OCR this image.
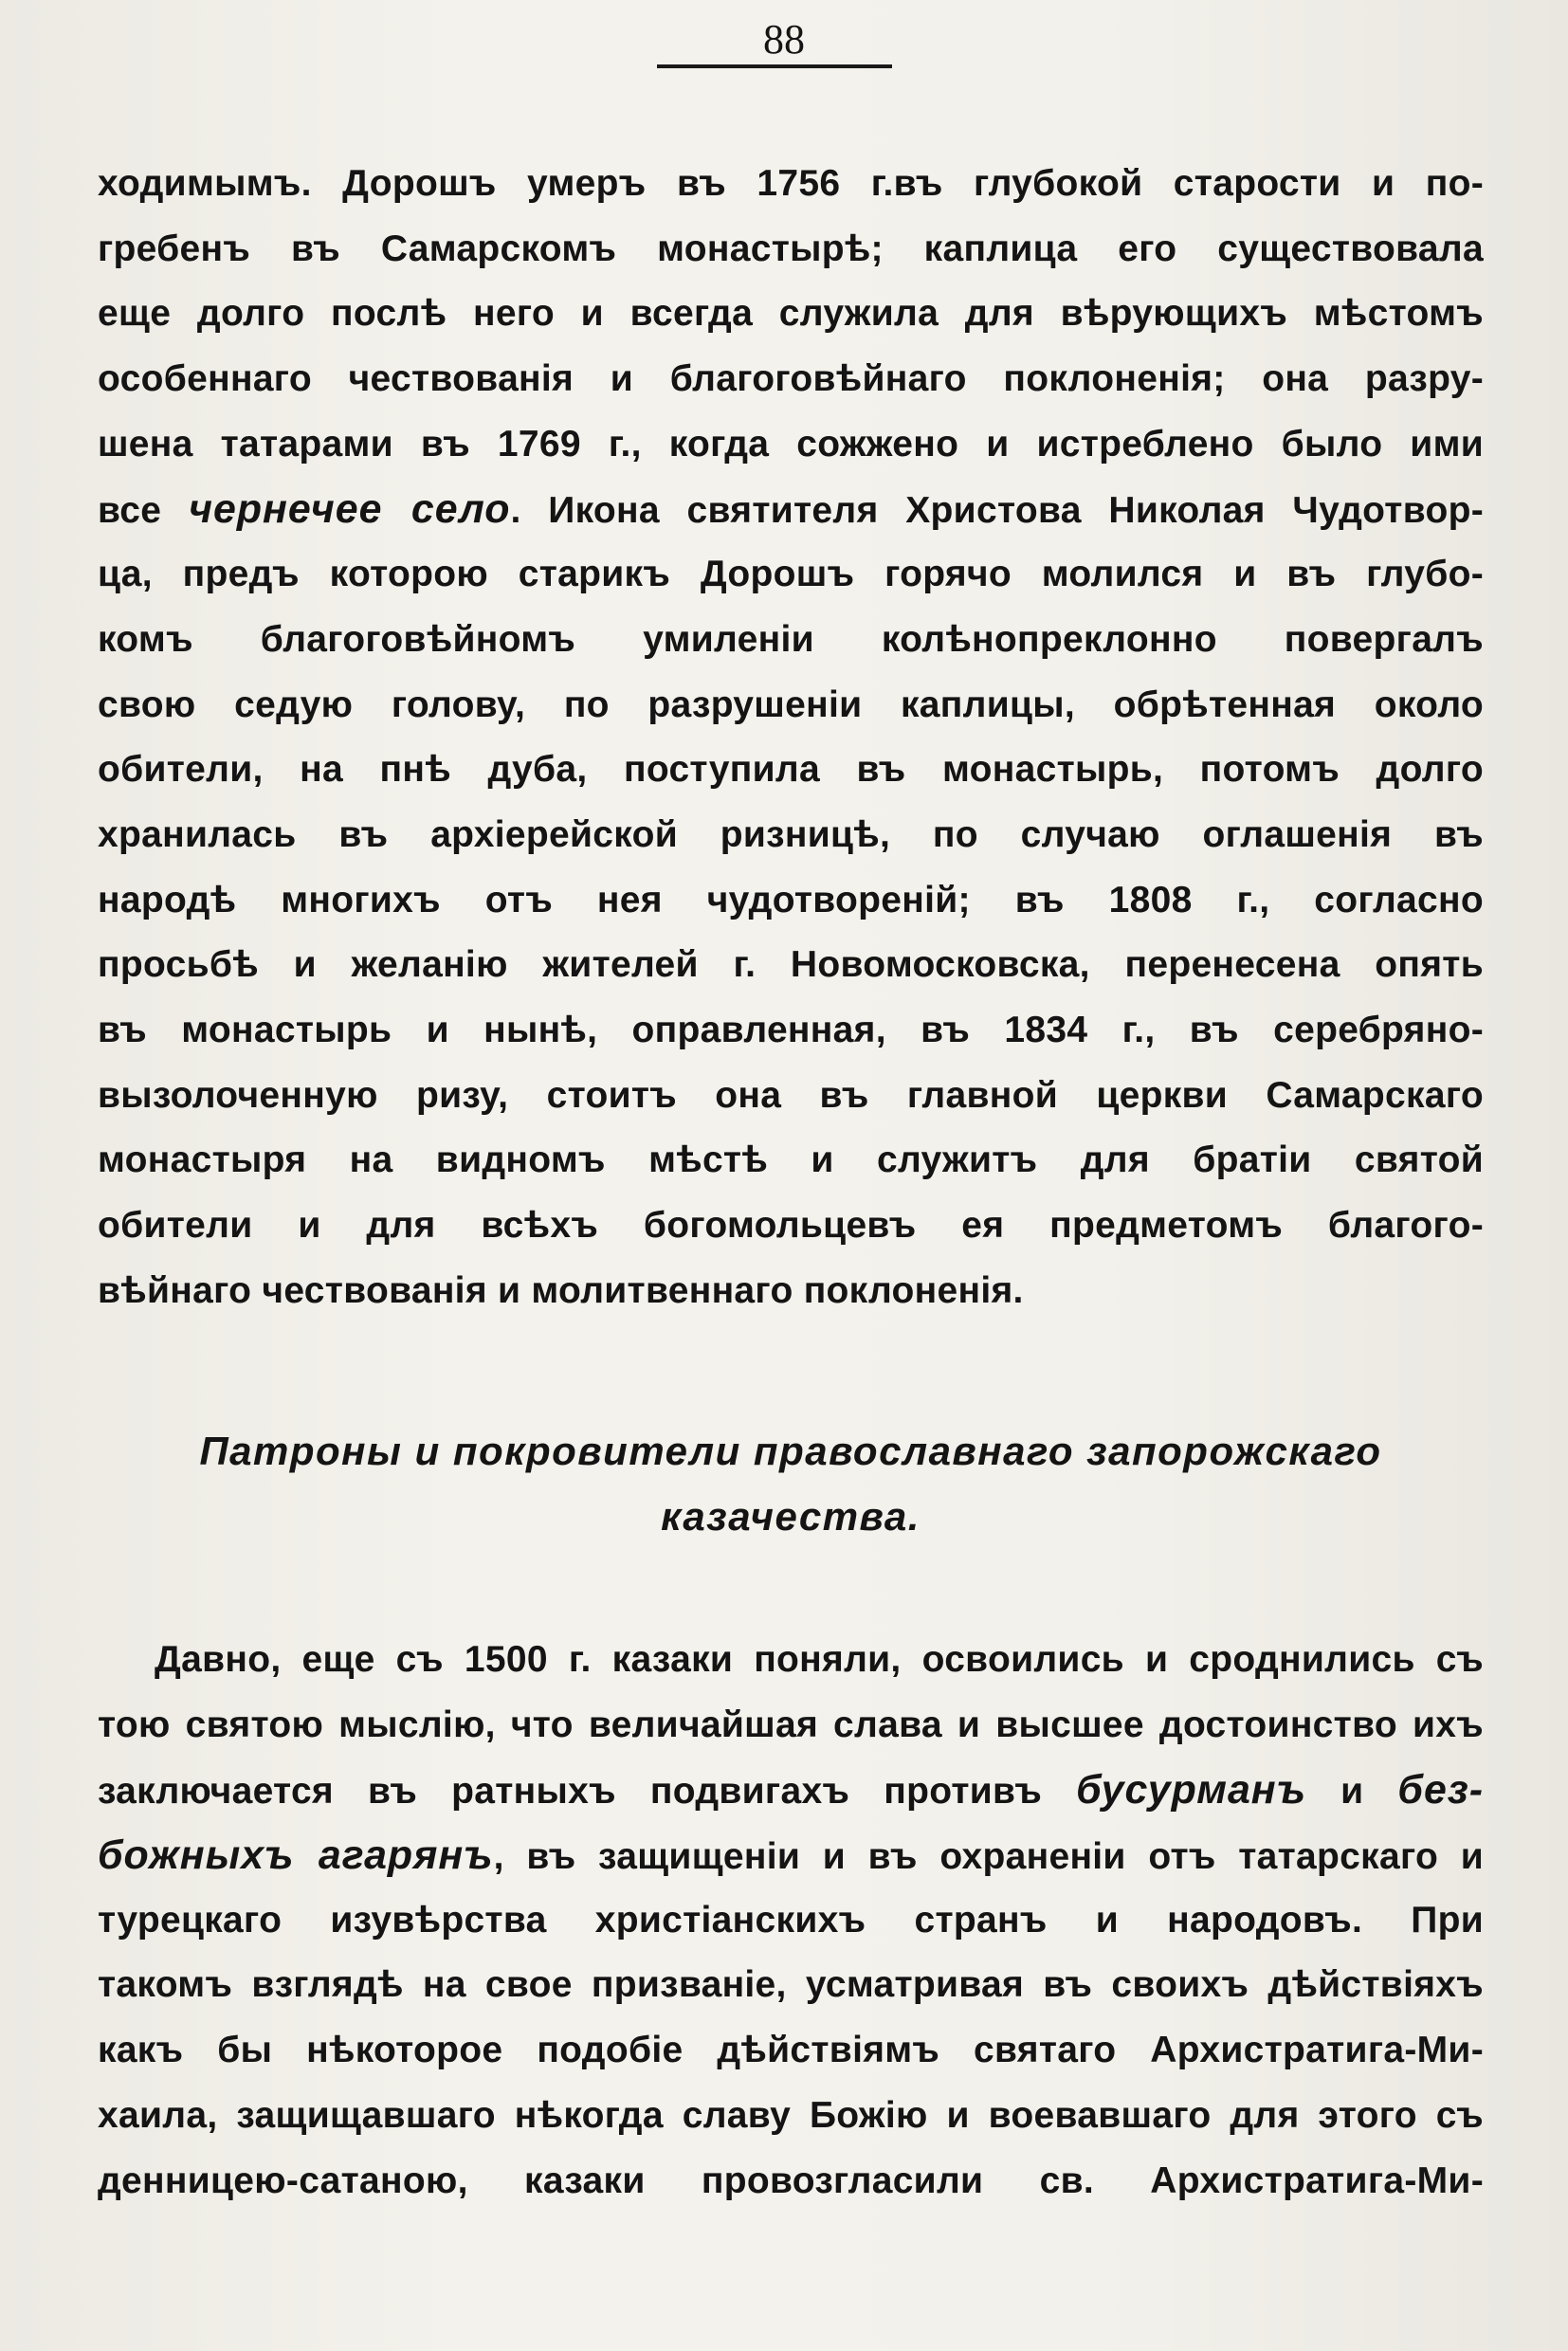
88
ходимымъ. Дорошъ умеръ въ 1756 г.въ глубокой старости и по-
гребенъ въ Самарскомъ монастырѣ; каплица его существовала
еще долго послѣ него и всегда служила для вѣрующихъ мѣстомъ
особеннаго чествованія и благоговѣйнаго поклоненія; она разру-
шена татарами въ 1769 г., когда сожжено и истреблено было ими
все чернечее село. Икона святителя Христова Николая Чудотвор-
ца, предъ которою старикъ Дорошъ горячо молился и въ глубо-
комъ благоговѣйномъ умиленіи колѣнопреклонно повергалъ
свою седую голову, по разрушеніи каплицы, обрѣтенная около
обители, на пнѣ дуба, поступила въ монастырь, потомъ долго
хранилась въ архіерейской ризницѣ, по случаю оглашенія въ
народѣ многихъ отъ нея чудотвореній; въ 1808 г., согласно
просьбѣ и желанію жителей г. Новомосковска, перенесена опять
въ монастырь и нынѣ, оправленная, въ 1834 г., въ серебряно-
вызолоченную ризу, стоитъ она въ главной церкви Самарскаго
монастыря на видномъ мѣстѣ и служитъ для братіи святой
обители и для всѣхъ богомольцевъ ея предметомъ благого-
вѣйнаго чествованія и молитвеннаго поклоненія.
Патроны и покровители православнаго запорожскаго
казачества.
Давно, еще съ 1500 г. казаки поняли, освоились и сроднились съ
тою святою мыслію, что величайшая слава и высшее достоинство ихъ
заключается въ ратныхъ подвигахъ противъ бусурманъ и без-
божныхъ агарянъ, въ защищеніи и въ охраненіи отъ татарскаго и
турецкаго изувѣрства христіанскихъ странъ и народовъ. При
такомъ взглядѣ на свое призваніе, усматривая въ своихъ дѣйствіяхъ
какъ бы нѣкоторое подобіе дѣйствіямъ святаго Архистратига-Ми-
хаила, защищавшаго нѣкогда славу Божію и воевавшаго для этого съ
денницею-сатаною, казаки провозгласили св. Архистратига-Ми-
